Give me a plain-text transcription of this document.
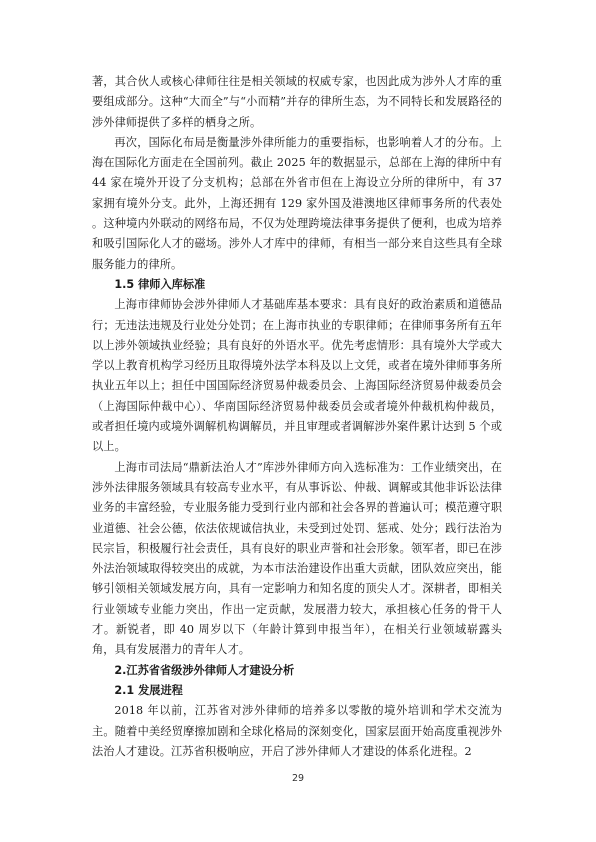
著，其合伙人或核心律师往往是相关领域的权威专家，也因此成为涉外人才库的重要组成部分。这种“大而全”与“小而精”并存的律所生态，为不同特长和发展路径的涉外律师提供了多样的栖身之所。

再次，国际化布局是衡量涉外律所能力的重要指标，也影响着人才的分布。上海在国际化方面走在全国前列。截止 2025 年的数据显示，总部在上海的律所中有 44 家在境外开设了分支机构；总部在外省市但在上海设立分所的律所中，有 37 家拥有境外分支。此外，上海还拥有 129 家外国及港澳地区律师事务所的代表处 。这种境内外联动的网络布局，不仅为处理跨境法律事务提供了便利，也成为培养和吸引国际化人才的磁场。涉外人才库中的律师，有相当一部分来自这些具有全球服务能力的律所。

1.5 律师入库标准

上海市律师协会涉外律师人才基础库基本要求：具有良好的政治素质和道德品行；无违法违规及行业处分处罚；在上海市执业的专职律师；在律师事务所有五年以上涉外领域执业经验；具有良好的外语水平。优先考虑情形：具有境外大学或大学以上教育机构学习经历且取得境外法学本科及以上文凭，或者在境外律师事务所执业五年以上；担任中国国际经济贸易仲裁委员会、上海国际经济贸易仲裁委员会（上海国际仲裁中心）、华南国际经济贸易仲裁委员会或者境外仲裁机构仲裁员，或者担任境内或境外调解机构调解员，并且审理或者调解涉外案件累计达到 5 个或以上。

上海市司法局“鼎新法治人才”库涉外律师方向入选标准为：工作业绩突出，在涉外法律服务领域具有较高专业水平，有从事诉讼、仲裁、调解或其他非诉讼法律业务的丰富经验，专业服务能力受到行业内部和社会各界的普遍认可；模范遵守职业道德、社会公德，依法依规诚信执业，未受到过处罚、惩戒、处分；践行法治为民宗旨，积极履行社会责任，具有良好的职业声誉和社会形象。领军者，即已在涉外法治领域取得较突出的成就，为本市法治建设作出重大贡献，团队效应突出，能够引领相关领域发展方向，具有一定影响力和知名度的顶尖人才。深耕者，即相关行业领域专业能力突出，作出一定贡献，发展潜力较大，承担核心任务的骨干人才。新锐者，即 40 周岁以下（年龄计算到申报当年），在相关行业领域崭露头角，具有发展潜力的青年人才。

2.江苏省省级涉外律师人才建设分析

2.1 发展进程

2018 年以前，江苏省对涉外律师的培养多以零散的境外培训和学术交流为主。随着中美经贸摩擦加剧和全球化格局的深刻变化，国家层面开始高度重视涉外法治人才建设。江苏省积极响应，开启了涉外律师人才建设的体系化进程。2

29
